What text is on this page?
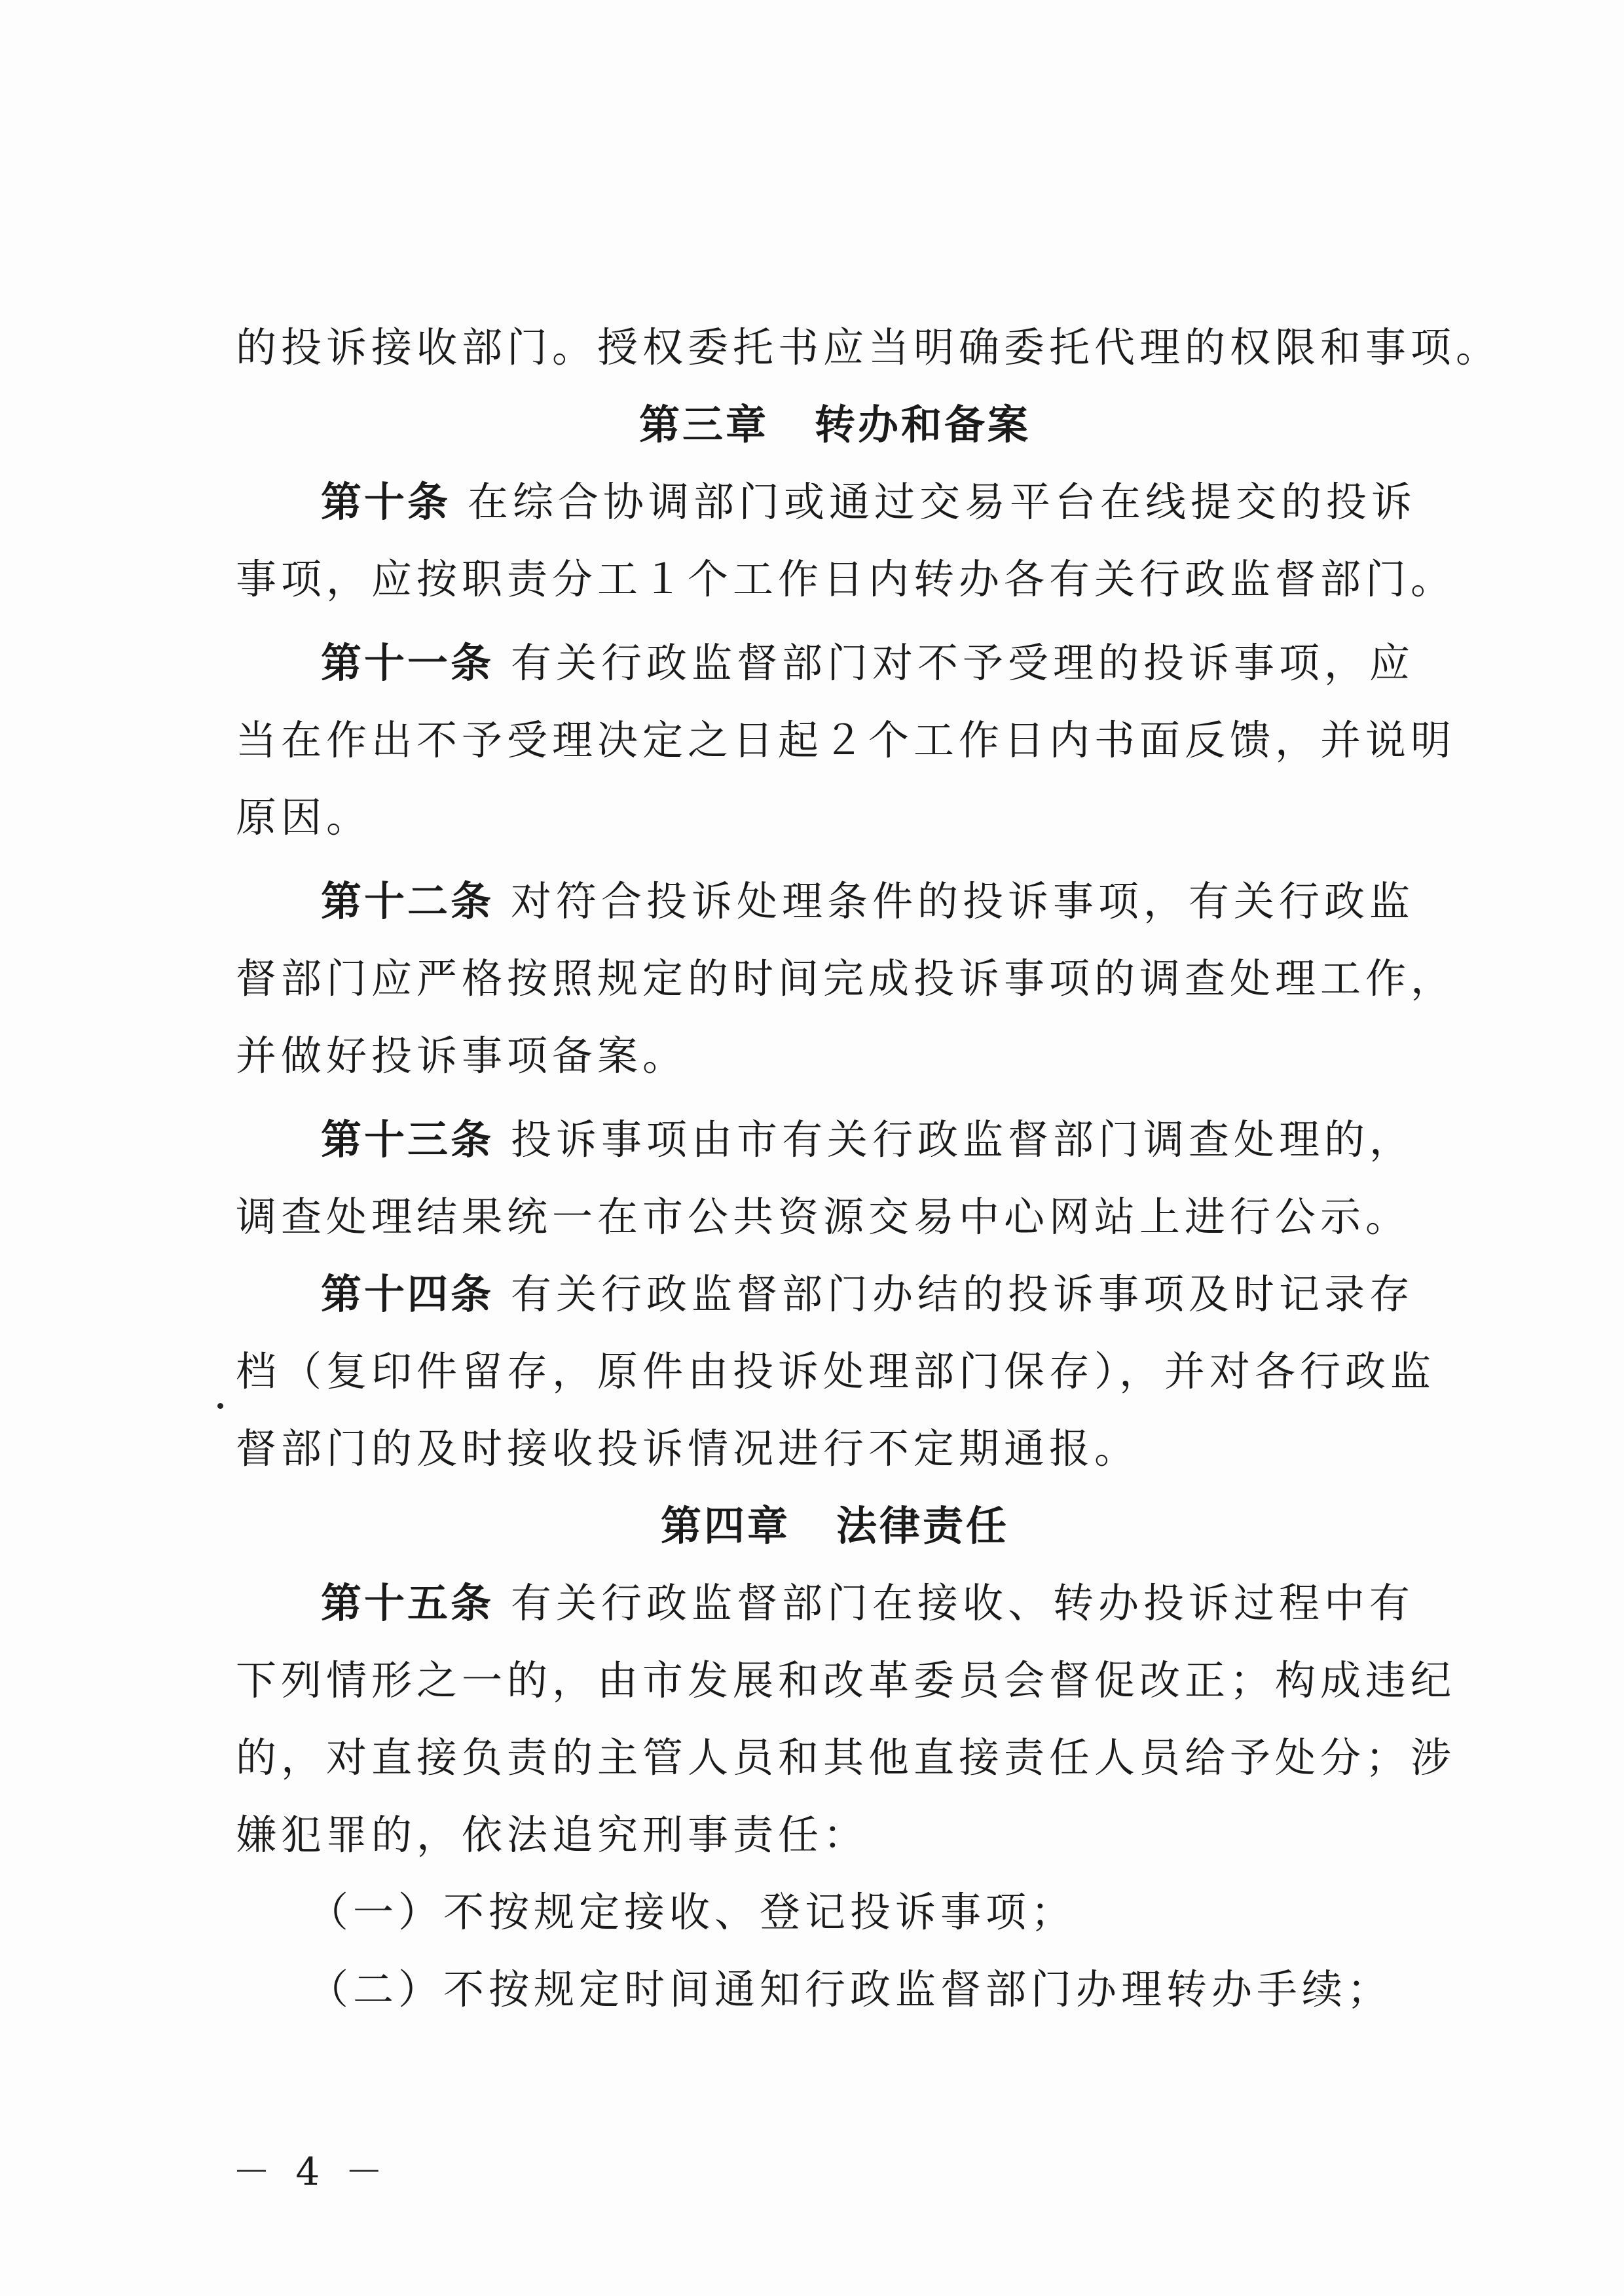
的投诉接收部门。授权委托书应当明确委托代理的权限和事项。
第三章 转办和备案
第十条 在综合协调部门或通过交易平台在线提交的投诉
事项，应按职责分工１个工作日内转办各有关行政监督部门。
第十一条 有关行政监督部门对不予受理的投诉事项，应
当在作出不予受理决定之日起２个工作日内书面反馈，并说明
原因。
第十二条 对符合投诉处理条件的投诉事项，有关行政监
督部门应严格按照规定的时间完成投诉事项的调查处理工作，
并做好投诉事项备案。
第十三条 投诉事项由市有关行政监督部门调查处理的，
调查处理结果统一在市公共资源交易中心网站上进行公示。
第十四条 有关行政监督部门办结的投诉事项及时记录存
档（复印件留存，原件由投诉处理部门保存），并对各行政监
督部门的及时接收投诉情况进行不定期通报。
第四章 法律责任
第十五条 有关行政监督部门在接收、转办投诉过程中有
下列情形之一的，由市发展和改革委员会督促改正；构成违纪
的，对直接负责的主管人员和其他直接责任人员给予处分；涉
嫌犯罪的，依法追究刑事责任：
（一）不按规定接收、登记投诉事项；
（二）不按规定时间通知行政监督部门办理转办手续；
－ 4 －
